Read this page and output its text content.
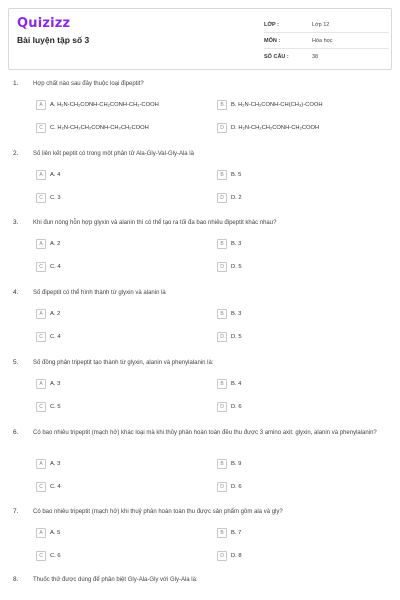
Quizizz
Bài luyện tập số 3
LỚP :	Lớp 12
MÔN :	Hóa học
SỐ CÂU :	38
1. Hợp chất nào sau đây thuộc loại đipeptit?
A	A. H₂N-CH₂CONH-CH₂CONH-CH₂-COOH	B	B. H₂N-CH₂CONH-CH(CH₃)-COOH
C	C. H₂N-CH₂CH₂CONH-CH₂CH₂COOH	D	D. H₂N-CH₂CH₂CONH-CH₂COOH
2. Số liên kết peptit có trong một phân tử Ala-Gly-Val-Gly-Ala là
A	A. 4	B	B. 5
C	C. 3	D	D. 2
3. Khi đun nóng hỗn hợp glyxin và alanin thì có thể tạo ra tối đa bao nhiêu đipeptit khác nhau?
A	A. 2	B	B. 3
C	C. 4	D	D. 5
4. Số đipeptit có thể hình thành từ glyxin và alanin là
A	A. 2	B	B. 3
C	C. 4	D	D. 5
5. Số đồng phân tripeptit tạo thành từ glyxin, alanin và phenylalanin là:
A	A. 3	B	B. 4
C	C. 5	D	D. 6
6. Có bao nhiêu tripeptit (mạch hở) khác loại mà khi thủy phân hoàn toàn đều thu được 3 amino axit: glyxin, alanin và phenylalanin?
A	A. 3	B	B. 9
C	C. 4	D	D. 6
7. Có bao nhiêu tripeptit (mạch hở) khi thuỷ phân hoàn toàn thu được sản phẩm gồm ala và gly?
A	A. 5	B	B. 7
C	C. 6	D	D. 8
8. Thuốc thử được dùng để phân biệt Gly-Ala-Gly với Gly-Ala là:
